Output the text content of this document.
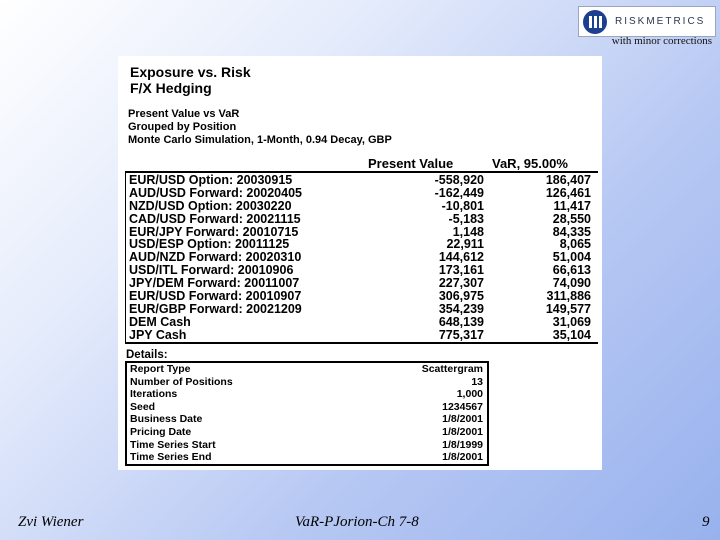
RISKMETRICS
with minor corrections
Exposure vs. Risk
F/X Hedging
Present Value vs VaR
Grouped by Position
Monte Carlo Simulation, 1-Month, 0.94 Decay, GBP
Present Value	VaR, 95.00%
EUR/USD Option: 20030915	-558,920	186,407
AUD/USD Forward: 20020405	-162,449	126,461
NZD/USD Option: 20030220	-10,801	11,417
CAD/USD Forward: 20021115	-5,183	28,550
EUR/JPY Forward: 20010715	1,148	84,335
USD/ESP Option: 20011125	22,911	8,065
AUD/NZD Forward: 20020310	144,612	51,004
USD/ITL Forward: 20010906	173,161	66,613
JPY/DEM Forward: 20011007	227,307	74,090
EUR/USD Forward: 20010907	306,975	311,886
EUR/GBP Forward: 20021209	354,239	149,577
DEM Cash	648,139	31,069
JPY Cash	775,317	35,104
Details:
Report Type	Scattergram
Number of Positions	13
Iterations	1,000
Seed	1234567
Business Date	1/8/2001
Pricing Date	1/8/2001
Time Series Start	1/8/1999
Time Series End	1/8/2001
Zvi Wiener	VaR-PJorion-Ch 7-8	9
